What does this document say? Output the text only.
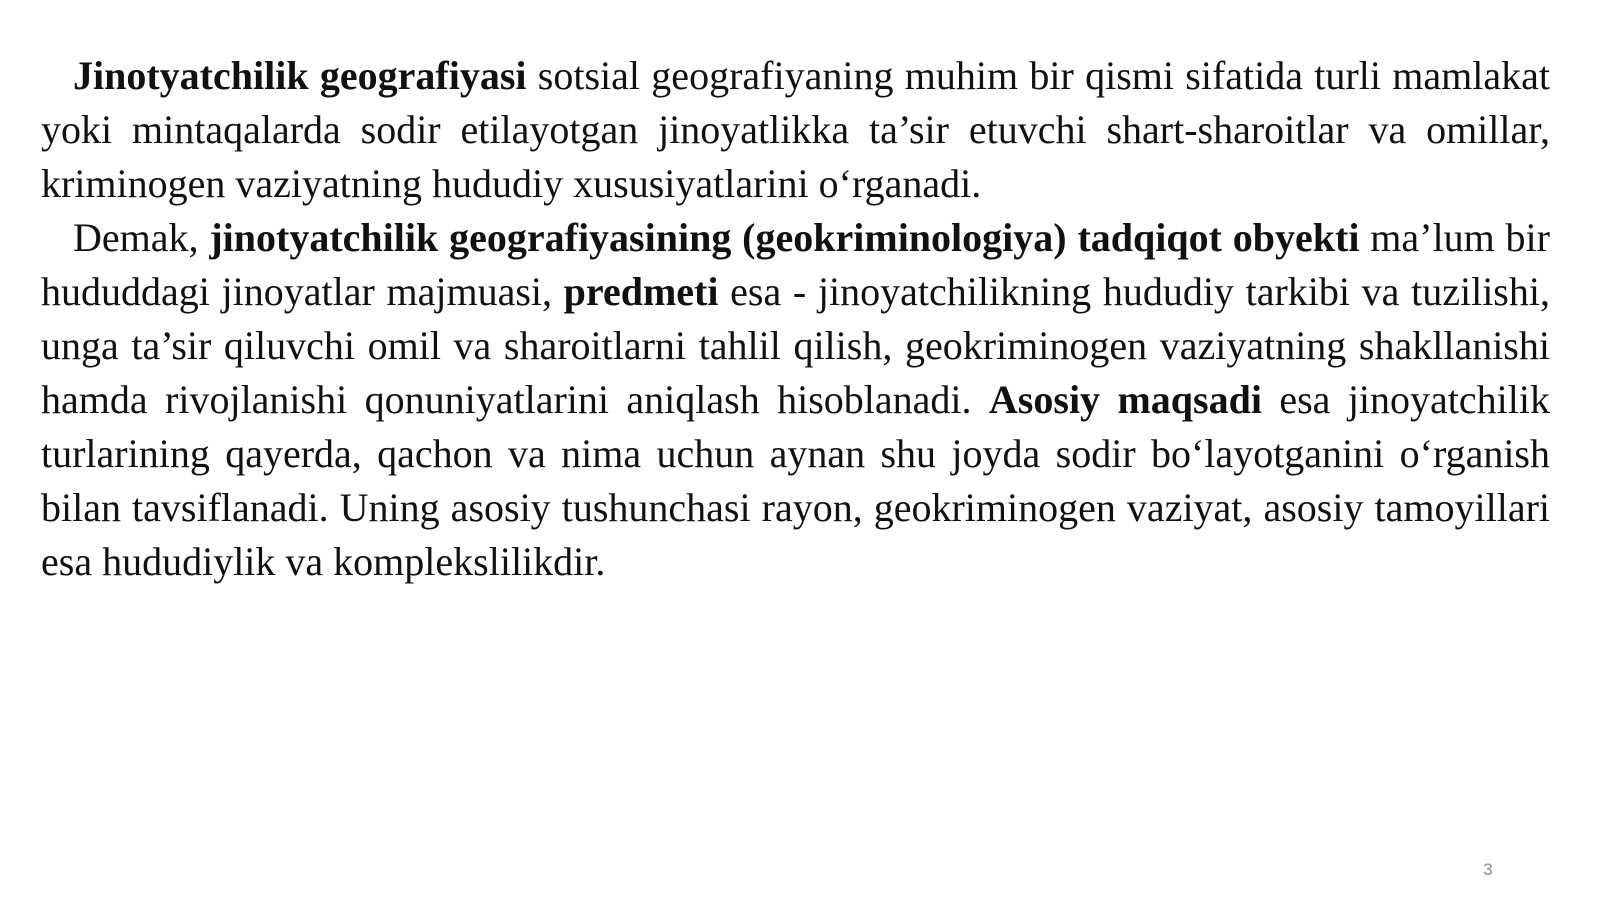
Jinotyatchilik geografiyasi sotsial geografiyaning muhim bir qismi sifatida turli mamlakat yoki mintaqalarda sodir etilayotgan jinoyatlikka ta’sir etuvchi shart-sharoitlar va omillar, kriminogen vaziyatning hududiy xususiyatlarini o‘rganadi.

Demak, jinotyatchilik geografiyasining (geokriminologiya) tadqiqot obyekti ma’lum bir hududdagi jinoyatlar majmuasi, predmeti esa - jinoyatchilikning hududiy tarkibi va tuzilishi, unga ta’sir qiluvchi omil va sharoitlarni tahlil qilish, geokriminogen vaziyatning shakllanishi hamda rivojlanishi qonuniyatlarini aniqlash hisoblanadi. Asosiy maqsadi esa jinoyatchilik turlarining qayerda, qachon va nima uchun aynan shu joyda sodir bo‘layotganini o‘rganish bilan tavsiflanadi. Uning asosiy tushunchasi rayon, geokriminogen vaziyat, asosiy tamoyillari esa hududiylik va komplekslilikdir.

3
